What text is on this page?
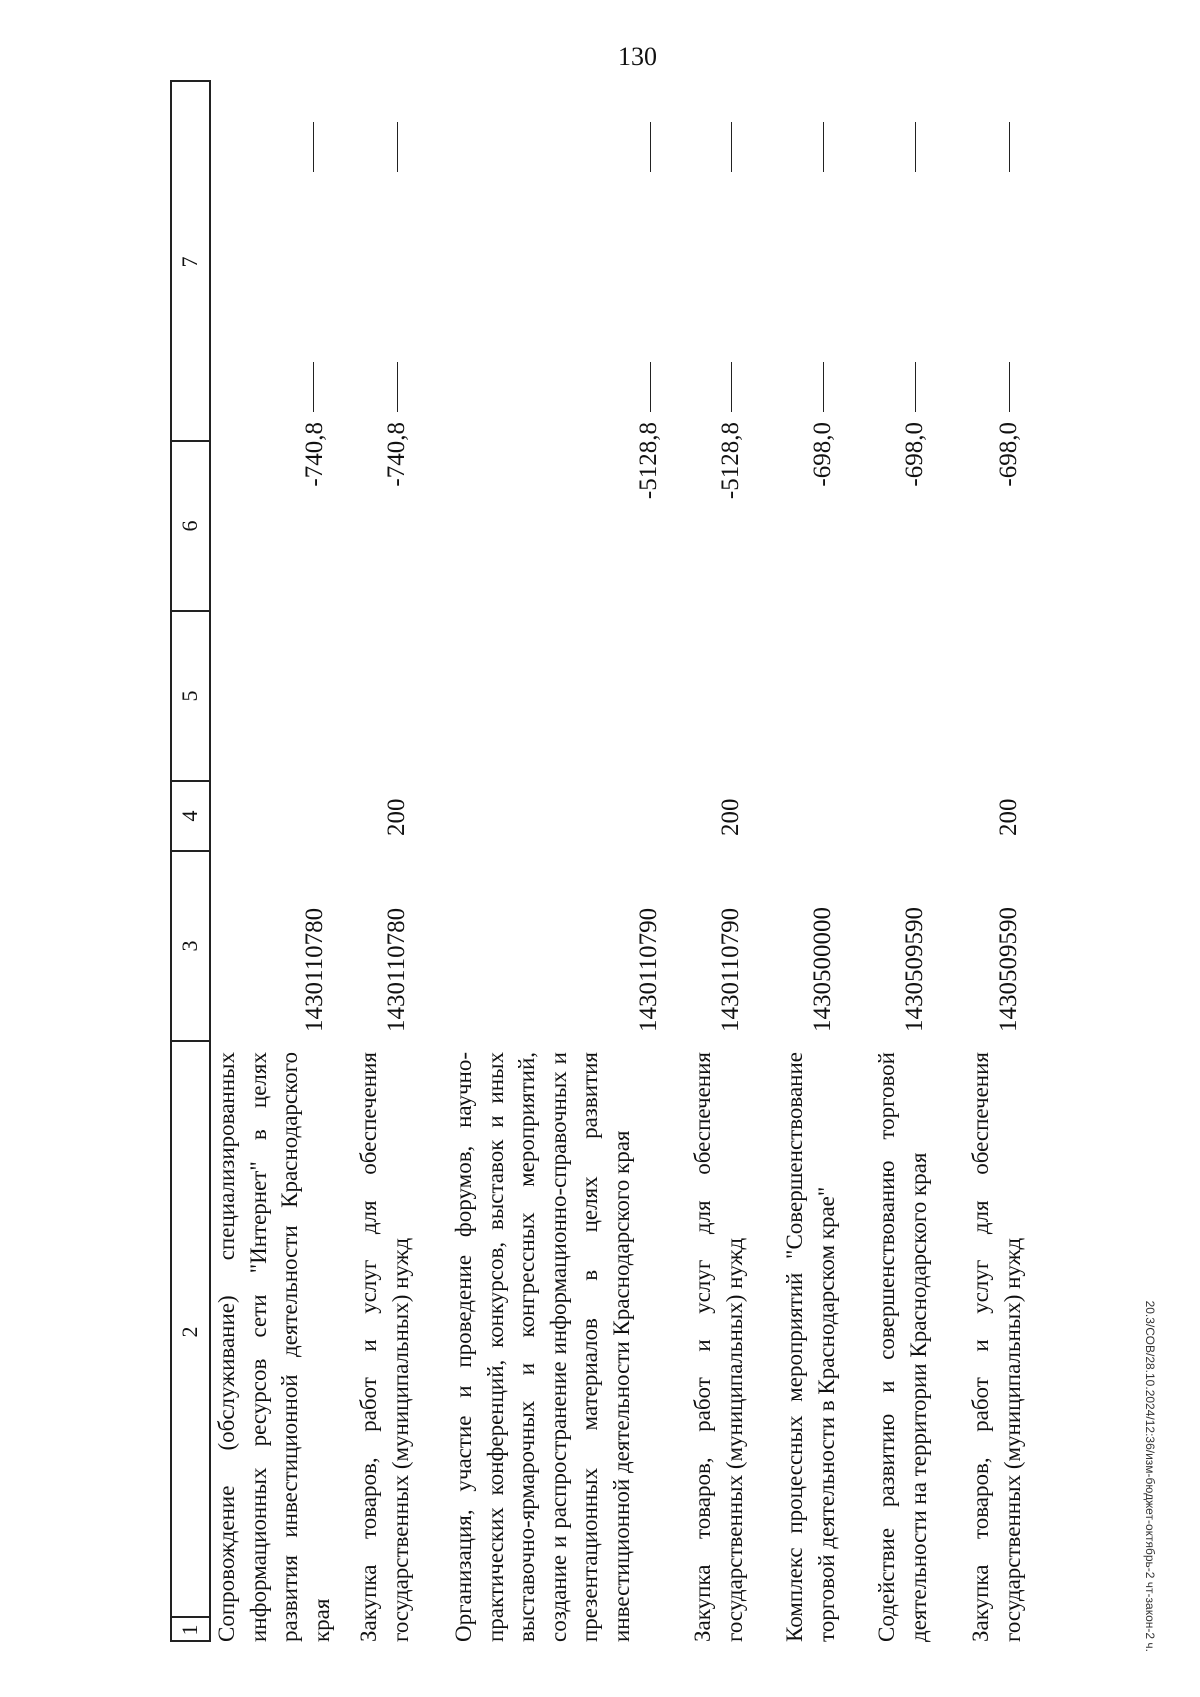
130
20.3/СОВ/28.10.2024/12:36/изм-бюджет-октябрь-2 чт-закон-2 ч.
1
2
3
4
5
6
7
Сопровождение (обслуживание) специализированных информационных ресурсов сети "Интернет" в целях развития инвестиционной деятельности Краснодарского края
1430110780
-740,8
Закупка товаров, работ и услуг для обеспечения государственных (муниципальных) нужд
1430110780
200
-740,8
Организация, участие и проведение форумов, научно-практических конференций, конкурсов, выставок и иных выставочно-ярмарочных и конгрессных мероприятий, создание и распространение информационно-справочных и презентационных материалов в целях развития инвестиционной деятельности Краснодарского края
1430110790
-5128,8
Закупка товаров, работ и услуг для обеспечения государственных (муниципальных) нужд
1430110790
200
-5128,8
Комплекс процессных мероприятий "Совершенствование торговой деятельности в Краснодарском крае"
1430500000
-698,0
Содействие развитию и совершенствованию торговой деятельности на территории Краснодарского края
1430509590
-698,0
Закупка товаров, работ и услуг для обеспечения государственных (муниципальных) нужд
1430509590
200
-698,0
